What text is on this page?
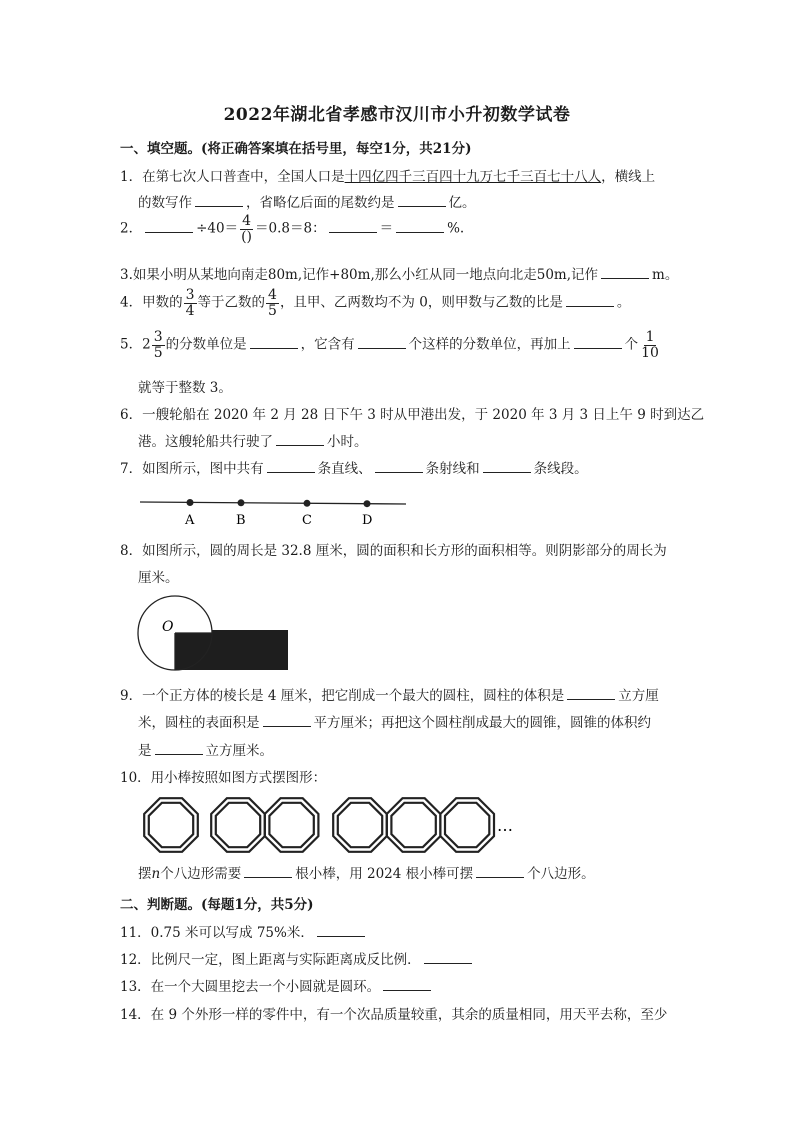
2022年湖北省孝感市汉川市小升初数学试卷
一、填空题。(将正确答案填在括号里，每空1分，共21分)
1．在第七次人口普查中，全国人口是十四亿四千三百四十九万七千三百七十八人，横线上
的数写作	，省略亿后面的尾数约是	亿。
2．	$\div 40= \frac{4}{()} =0.8=8$：	＝	%.
3.如果小明从某地向南走80m,记作+80m,那么小红从同一地点向北走50m,记作	m。
4．甲数的 $\frac{3}{4}$ 等于乙数的 $\frac{4}{5}$ ，且甲、乙两数均不为 0，则甲数与乙数的比是	。
5．$2 \frac{3}{5}$ 的分数单位是	，它含有	个这样的分数单位，再加上	个 $\frac{1}{10}$
就等于整数 3。
6．一艘轮船在 2020 年 2 月 28 日下午 3 时从甲港出发，于 2020 年 3 月 3 日上午 9 时到达乙
港。这艘轮船共行驶了	小时。
7．如图所示，图中共有	条直线、	条射线和	条线段。
A	B	C	D
8．如图所示，圆的周长是 32.8 厘米，圆的面积和长方形的面积相等。则阴影部分的周长为
厘米。
O
9．一个正方体的棱长是 4 厘米，把它削成一个最大的圆柱，圆柱的体积是	立方厘
米，圆柱的表面积是	平方厘米；再把这个圆柱削成最大的圆锥，圆锥的体积约
是	立方厘米。
10．用小棒按照如图方式摆图形：
…
摆n个八边形需要	根小棒，用 2024 根小棒可摆	个八边形。
二、判断题。(每题1分，共5分)
11．0.75 米可以写成 75%米．
12．比例尺一定，图上距离与实际距离成反比例．
13．在一个大圆里挖去一个小圆就是圆环。
14．在 9 个外形一样的零件中，有一个次品质量较重，其余的质量相同，用天平去称，至少
